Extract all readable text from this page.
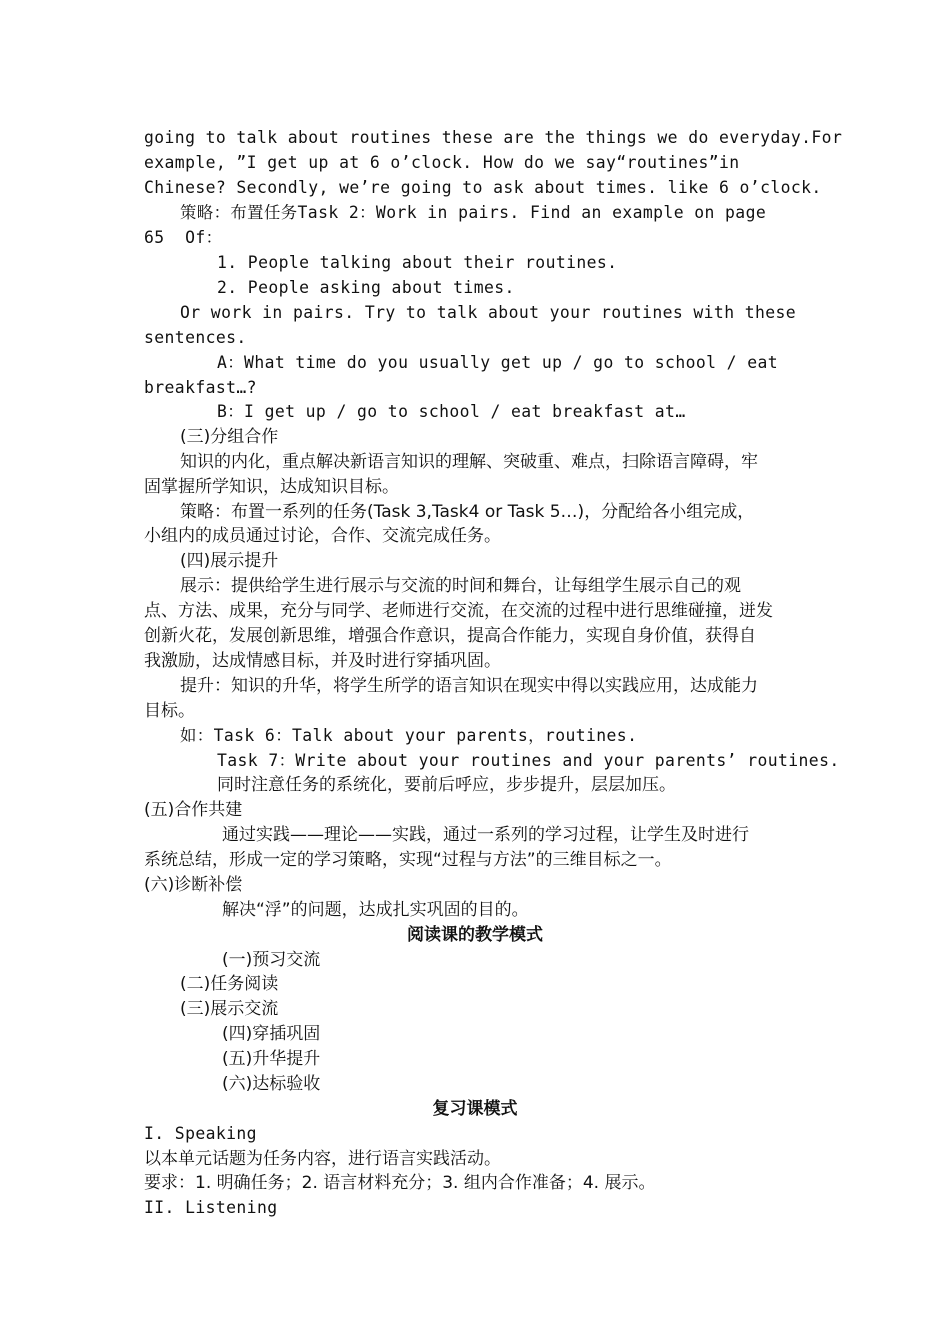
going to talk about routines these are the things we do everyday.For

example, ”I get up at 6 o’clock. How do we say“routines”in

Chinese? Secondly, we’re going to ask about times. like 6 o’clock.

策略：布置任务Task 2：Work in pairs. Find an example on page

65  Of：

1. People talking about their routines.

2. People asking about times.

Or work in pairs. Try to talk about your routines with these

sentences.

A：What time do you usually get up / go to school / eat

breakfast…?

B：I get up / go to school / eat breakfast at…

(三)分组合作

知识的内化，重点解决新语言知识的理解、突破重、难点，扫除语言障碍，牢

固掌握所学知识，达成知识目标。

策略：布置一系列的任务(Task 3,Task4 or Task 5…)，分配给各小组完成，

小组内的成员通过讨论，合作、交流完成任务。

(四)展示提升

展示：提供给学生进行展示与交流的时间和舞台，让每组学生展示自己的观

点、方法、成果，充分与同学、老师进行交流，在交流的过程中进行思维碰撞，迸发

创新火花，发展创新思维，增强合作意识，提高合作能力，实现自身价值，获得自

我激励，达成情感目标，并及时进行穿插巩固。

提升：知识的升华，将学生所学的语言知识在现实中得以实践应用，达成能力

目标。

如：Task 6：Talk about your parents，routines.

Task 7：Write about your routines and your parents’ routines.

同时注意任务的系统化，要前后呼应，步步提升，层层加压。

(五)合作共建

通过实践——理论——实践，通过一系列的学习过程，让学生及时进行

系统总结，形成一定的学习策略，实现“过程与方法”的三维目标之一。

(六)诊断补偿

解决“浮”的问题，达成扎实巩固的目的。

阅读课的教学模式

(一)预习交流

(二)任务阅读

(三)展示交流

(四)穿插巩固

(五)升华提升

(六)达标验收

复习课模式

I. Speaking

以本单元话题为任务内容，进行语言实践活动。

要求：1. 明确任务；2. 语言材料充分；3. 组内合作准备；4. 展示。

II. Listening
